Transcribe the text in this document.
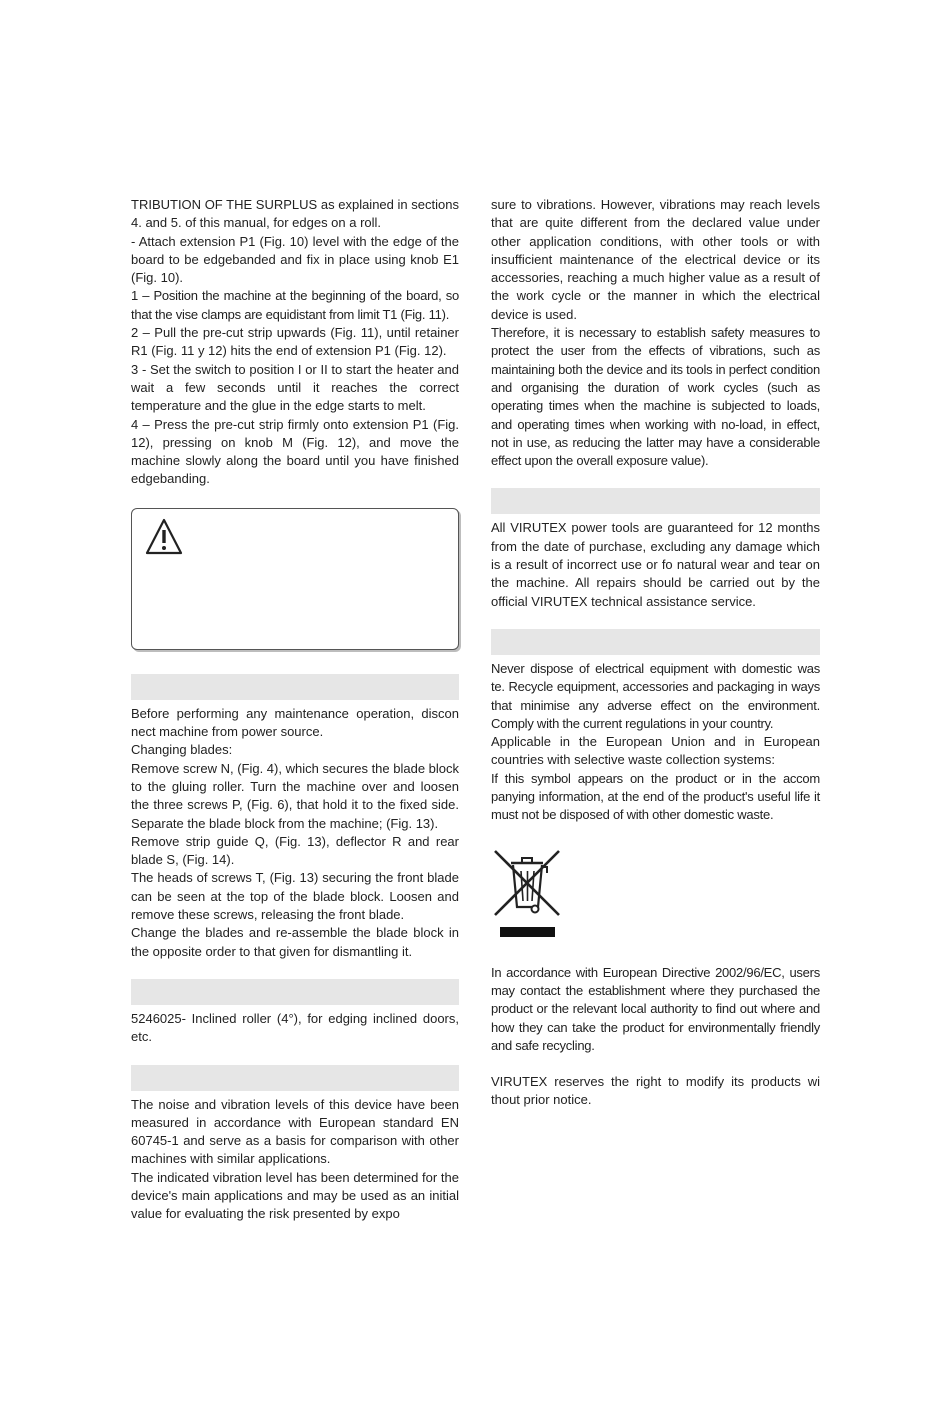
TRIBUTION OF THE SURPLUS as explained in sections 4. and 5. of this manual, for edges on a roll.

- Attach extension P1 (Fig. 10) level with the edge of the board to be edgebanded and fix in place using knob E1 (Fig. 10).

1 – Position the machine at the beginning of the board, so that the vise clamps are equidistant from limit T1 (Fig. 11).

2 – Pull the pre-cut strip upwards (Fig. 11), until retainer R1 (Fig. 11 y 12) hits the end of extension P1 (Fig. 12).

3 - Set the switch to position I or II to start the heater and wait a few seconds until it reaches the correct temperature and the glue in the edge starts to melt.

4 – Press the pre-cut strip firmly onto extension P1 (Fig. 12), pressing on knob M (Fig. 12), and move the machine slowly along the board until you have finished edgebanding.

Before performing any maintenance operation, discon nect machine from power source.

Changing blades:

Remove screw N, (Fig. 4), which secures the blade block to the gluing roller. Turn the machine over and loosen the three screws P, (Fig. 6), that hold it to the fixed side. Separate the blade block from the machine; (Fig. 13).

Remove strip guide Q, (Fig. 13), deflector R and rear blade S, (Fig. 14).

The heads of screws T, (Fig. 13) securing the front blade can be seen at the top of the blade block. Loosen and remove these screws, releasing the front blade.

Change the blades and re-assemble the blade block in the opposite order to that given for dismantling it.

5246025- Inclined roller (4°), for edging inclined doors, etc.

The noise and vibration levels of this device have been measured in accordance with European standard EN 60745-1 and serve as a basis for comparison with other machines with similar applications.

The indicated vibration level has been determined for the device's main applications and may be used as an initial value for evaluating the risk presented by expo

sure to vibrations. However, vibrations may reach levels that are quite different from the declared value under other application conditions, with other tools or with insufficient maintenance of the electrical device or its accessories, reaching a much higher value as a result of the work cycle or the manner in which the electrical device is used.

Therefore, it is necessary to establish safety measures to protect the user from the effects of vibrations, such as maintaining both the device and its tools in perfect condition and organising the duration of work cycles (such as operating times when the machine is subjected to loads, and operating times when working with no-load, in effect, not in use, as reducing the latter may have a considerable effect upon the overall exposure value).

All VIRUTEX power tools are guaranteed for 12 months from the date of purchase, excluding any damage which is a result of incorrect use or fo natural wear and tear on the machine. All repairs should be carried out by the official VIRUTEX technical assistance service.

Never dispose of electrical equipment with domestic was te. Recycle equipment, accessories and packaging in ways that minimise any adverse effect on the environment. Comply with the current regulations in your country.

Applicable in the European Union and in European countries with selective waste collection systems:

If this symbol appears on the product or in the accom panying information, at the end of the product's useful life it must not be disposed of with other domestic waste.

In accordance with European Directive 2002/96/EC, users may contact the establishment where they purchased the product or the relevant local authority to find out where and how they can take the product for environmentally friendly and safe recycling.

VIRUTEX reserves the right to modify its products wi thout prior notice.
